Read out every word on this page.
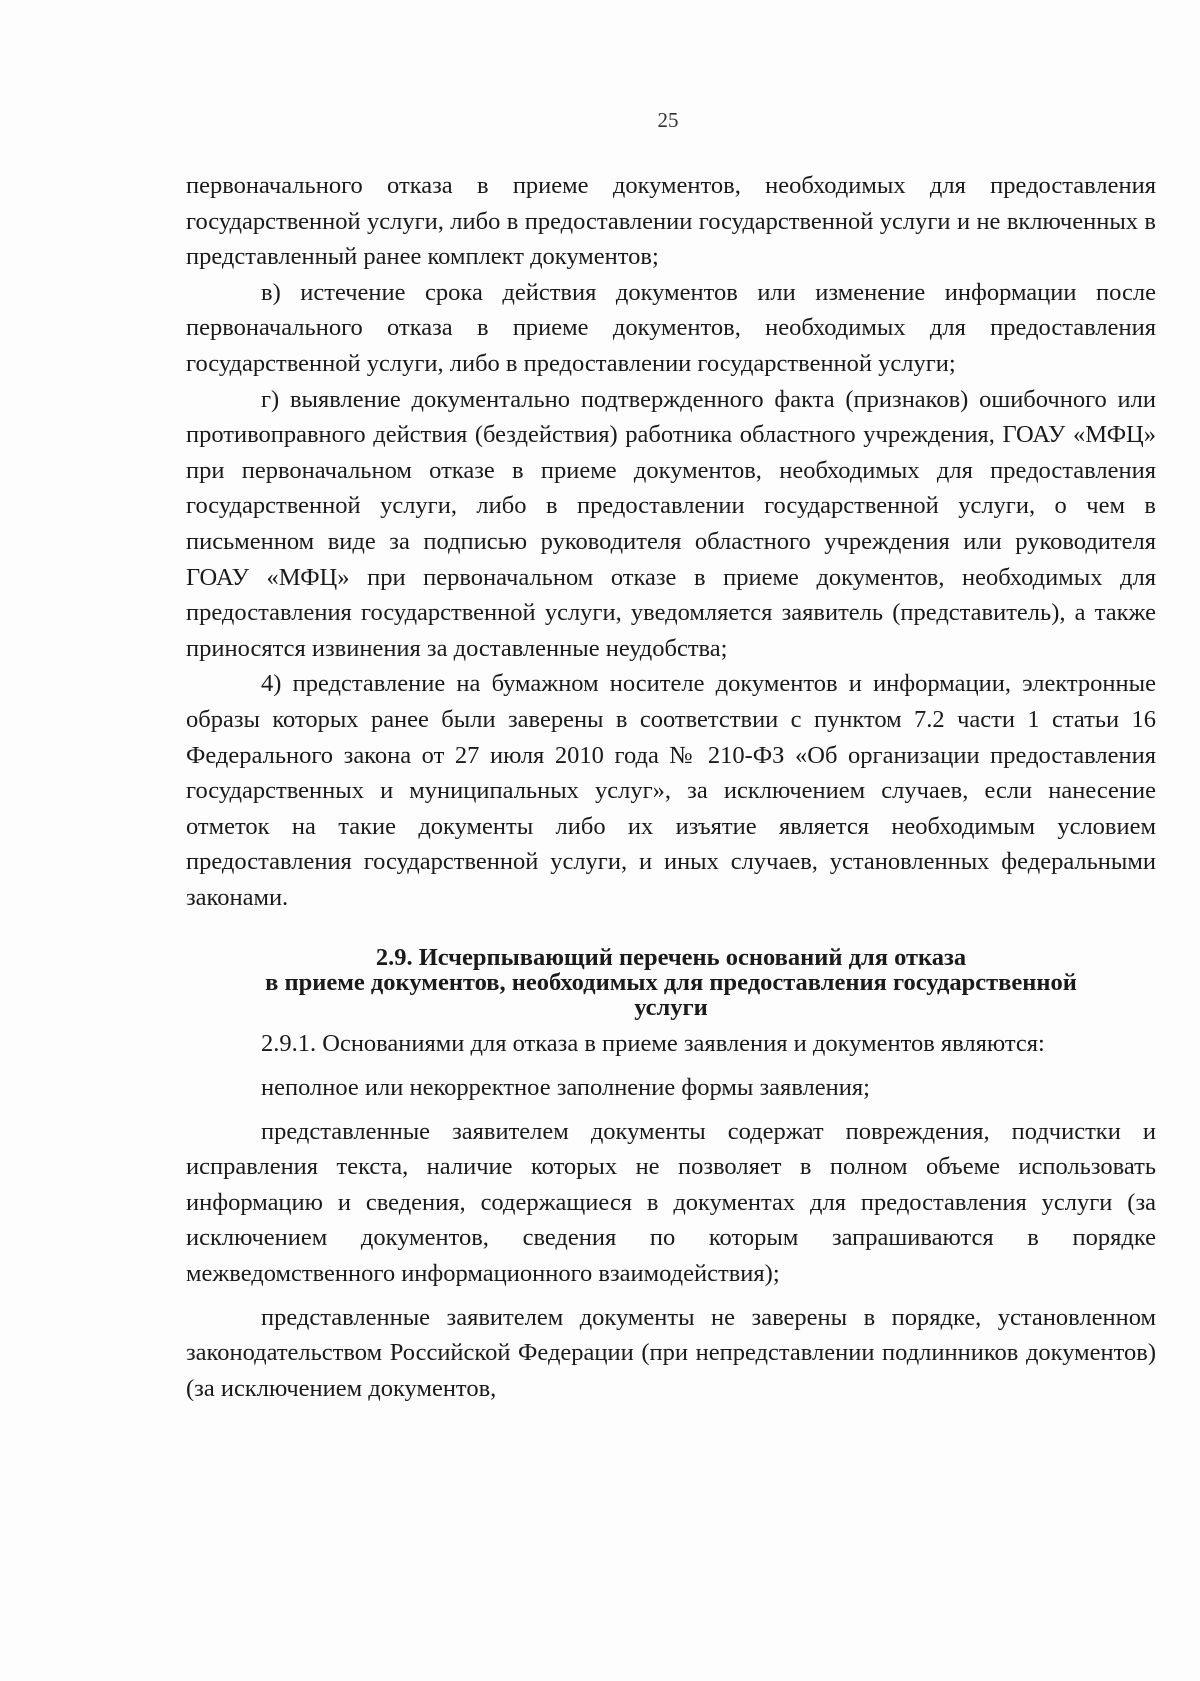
25

первоначального отказа в приеме документов, необходимых для предоставления государственной услуги, либо в предоставлении государственной услуги и не включенных в представленный ранее комплект документов;

в) истечение срока действия документов или изменение информации после первоначального отказа в приеме документов, необходимых для предоставления государственной услуги, либо в предоставлении государственной услуги;

г) выявление документально подтвержденного факта (признаков) ошибочного или противоправного действия (бездействия) работника областного учреждения, ГОАУ «МФЦ» при первоначальном отказе в приеме документов, необходимых для предоставления государственной услуги, либо в предоставлении государственной услуги, о чем в письменном виде за подписью руководителя областного учреждения или руководителя ГОАУ «МФЦ» при первоначальном отказе в приеме документов, необходимых для предоставления государственной услуги, уведомляется заявитель (представитель), а также приносятся извинения за доставленные неудобства;

4) представление на бумажном носителе документов и информации, электронные образы которых ранее были заверены в соответствии с пунктом 7.2 части 1 статьи 16 Федерального закона от 27 июля 2010 года № 210-ФЗ «Об организации предоставления государственных и муниципальных услуг», за исключением случаев, если нанесение отметок на такие документы либо их изъятие является необходимым условием предоставления государственной услуги, и иных случаев, установленных федеральными законами.

2.9. Исчерпывающий перечень оснований для отказа
в приеме документов, необходимых для предоставления государственной
услуги

2.9.1. Основаниями для отказа в приеме заявления и документов являются:

неполное или некорректное заполнение формы заявления;

представленные заявителем документы содержат повреждения, подчистки и исправления текста, наличие которых не позволяет в полном объеме использовать информацию и сведения, содержащиеся в документах для предоставления услуги (за исключением документов, сведения по которым запрашиваются в порядке межведомственного информационного взаимодействия);

представленные заявителем документы не заверены в порядке, установленном законодательством Российской Федерации (при непредставлении подлинников документов) (за исключением документов,
